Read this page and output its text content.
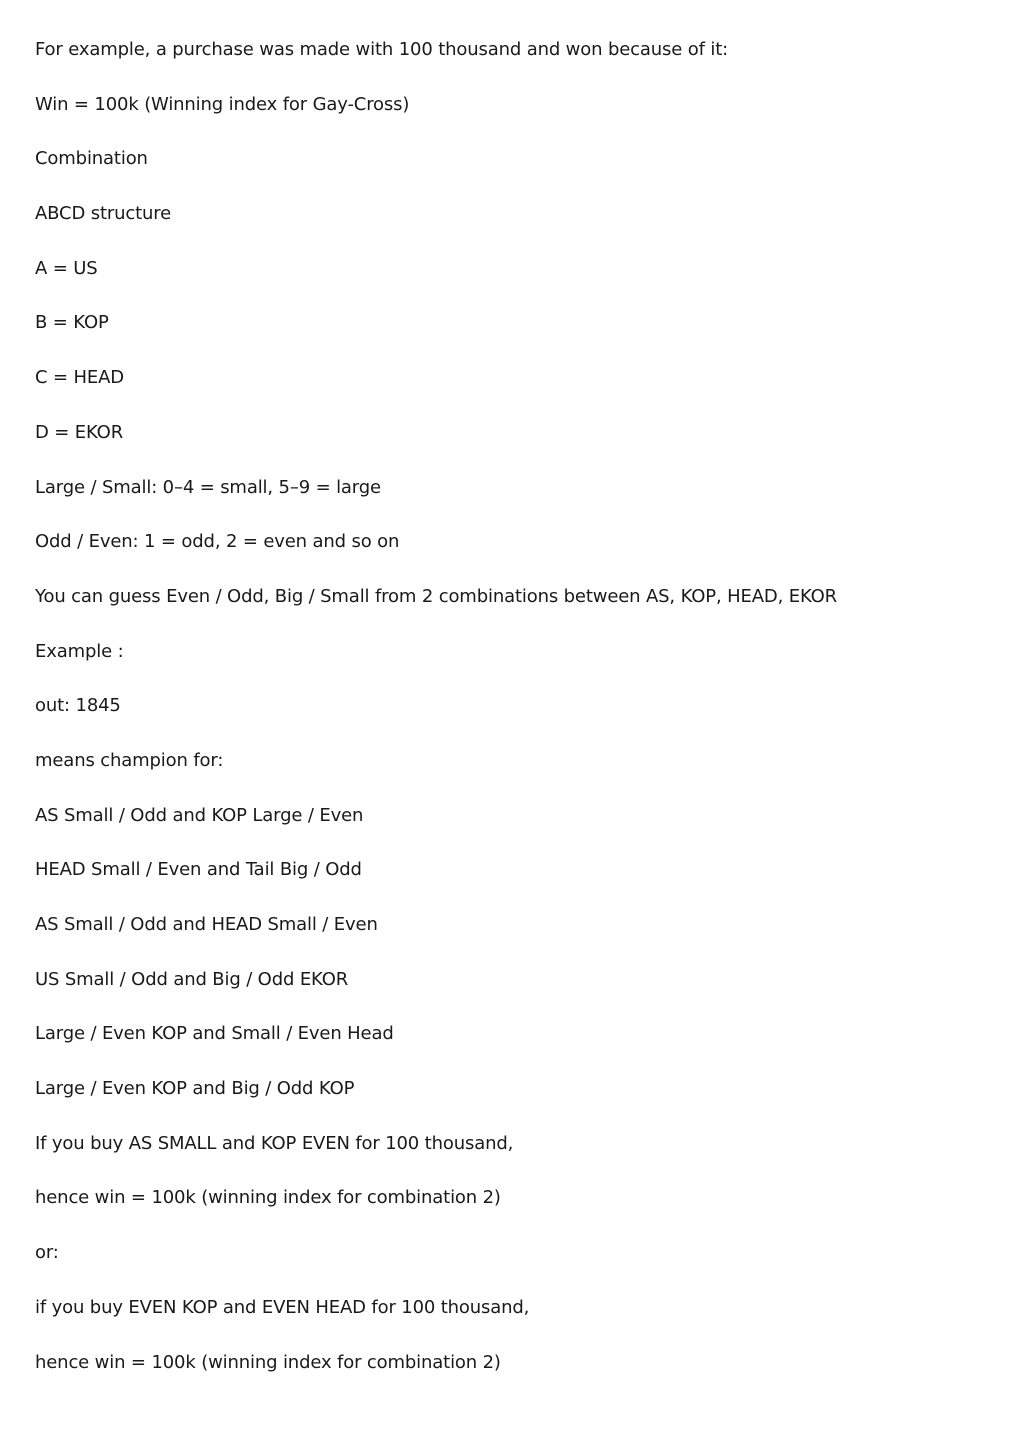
For example, a purchase was made with 100 thousand and won because of it:

Win = 100k (Winning index for Gay-Cross)

Combination

ABCD structure

A = US

B = KOP

C = HEAD

D = EKOR

Large / Small: 0–4 = small, 5–9 = large

Odd / Even: 1 = odd, 2 = even and so on

You can guess Even / Odd, Big / Small from 2 combinations between AS, KOP, HEAD, EKOR

Example :

out: 1845

means champion for:

AS Small / Odd and KOP Large / Even

HEAD Small / Even and Tail Big / Odd

AS Small / Odd and HEAD Small / Even

US Small / Odd and Big / Odd EKOR

Large / Even KOP and Small / Even Head

Large / Even KOP and Big / Odd KOP

If you buy AS SMALL and KOP EVEN for 100 thousand,

hence win = 100k (winning index for combination 2)

or:

if you buy EVEN KOP and EVEN HEAD for 100 thousand,

hence win = 100k (winning index for combination 2)
